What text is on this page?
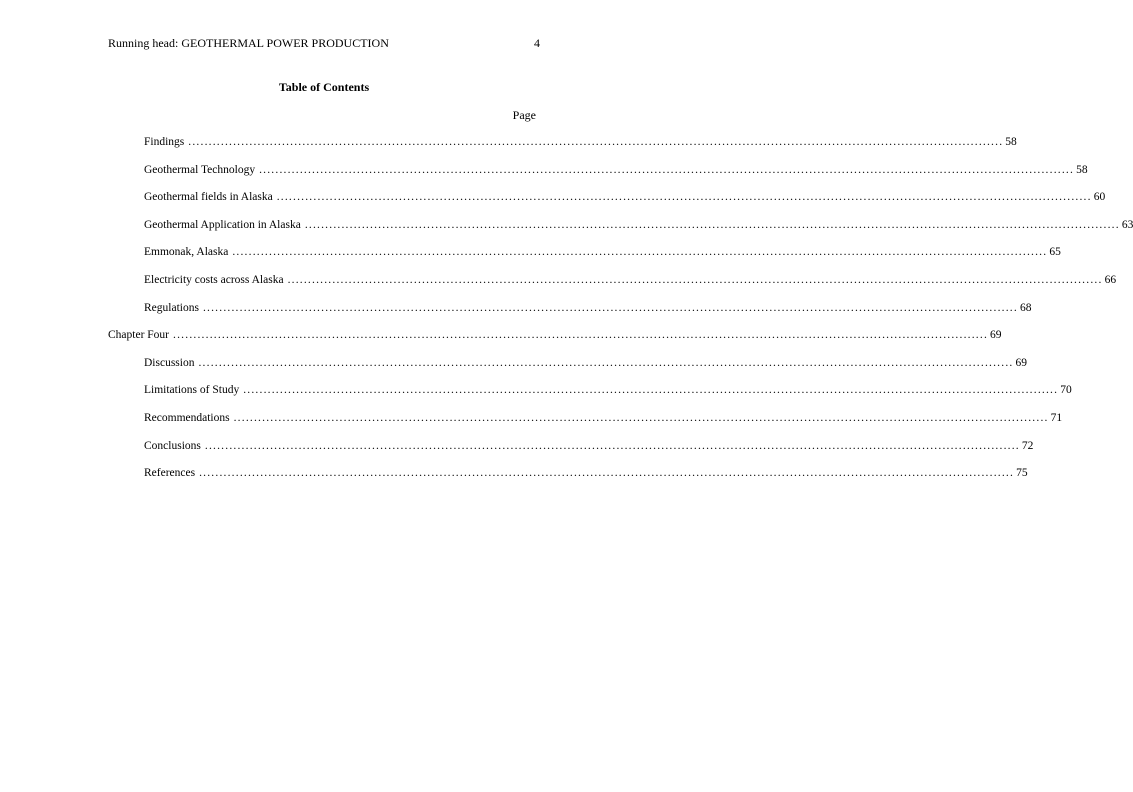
Running head: GEOTHERMAL POWER PRODUCTION	4
Table of Contents
Page
Findings ........................................................................................................................................................................................................ 58
Geothermal Technology ........................................................................................................................................................................................................ 58
Geothermal fields in Alaska ........................................................................................................................................................................................................ 60
Geothermal Application in Alaska ........................................................................................................................................................................................................ 63
Emmonak, Alaska ........................................................................................................................................................................................................ 65
Electricity costs across Alaska ........................................................................................................................................................................................................ 66
Regulations ........................................................................................................................................................................................................ 68
Chapter Four ........................................................................................................................................................................................................ 69
Discussion ........................................................................................................................................................................................................ 69
Limitations of Study ........................................................................................................................................................................................................ 70
Recommendations ........................................................................................................................................................................................................ 71
Conclusions ........................................................................................................................................................................................................ 72
References ........................................................................................................................................................................................................ 75
